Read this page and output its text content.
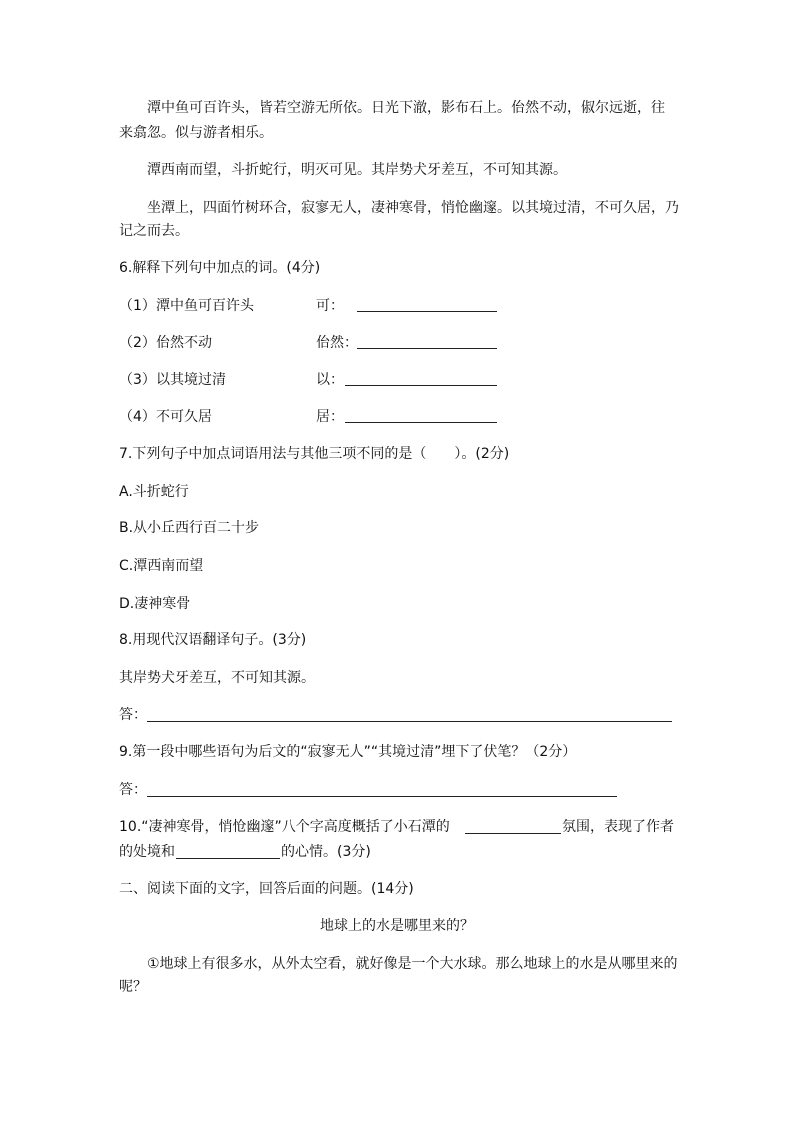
潭中鱼可百许头，皆若空游无所依。日光下澈，影布石上。佁然不动，俶尔远逝，往
来翕忽。似与游者相乐。
潭西南而望，斗折蛇行，明灭可见。其岸势犬牙差互，不可知其源。
坐潭上，四面竹树环合，寂寥无人，凄神寒骨，悄怆幽邃。以其境过清，不可久居，乃
记之而去。
6.解释下列句中加点的词。(4分)
（1） 潭中鱼可百许头	可：
（2） 佁然不动	佁然：
（3） 以其境过清	以：
（4） 不可久居	居：
7.下列句子中加点词语用法与其他三项不同的是（　　）。(2分)
A.斗折蛇行
B.从小丘西行百二十步
C.潭西南而望
D.凄神寒骨
8.用现代汉语翻译句子。(3分)
其岸势犬牙差互，不可知其源。
答：
9.第一段中哪些语句为后文的“寂寥无人”“其境过清”埋下了伏笔？（2分）
答：
10.“凄神寒骨，悄怆幽邃”八个字高度概括了小石潭的	氛围，表现了作者
的处境和	的心情。(3分)
二、阅读下面的文字，回答后面的问题。(14分)
地球上的水是哪里来的？
①地球上有很多水，从外太空看，就好像是一个大水球。那么地球上的水是从哪里来的
呢？
